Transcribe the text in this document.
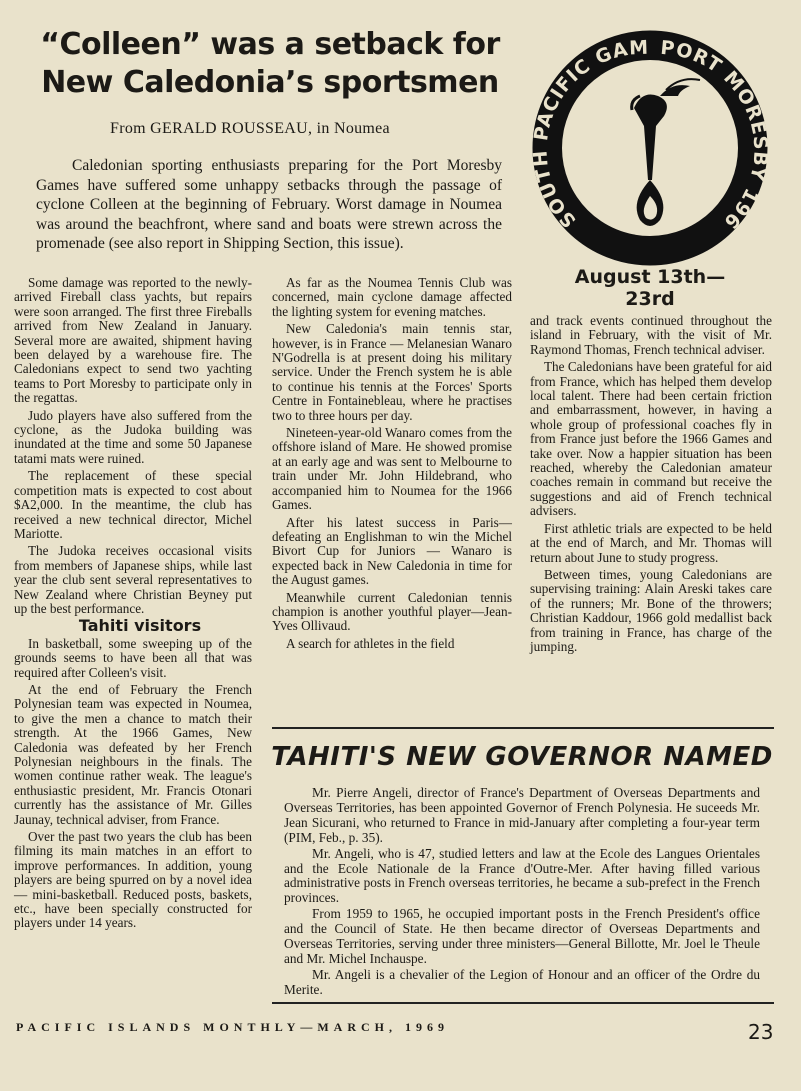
“Colleen” was a setback for
New Caledonia’s sportsmen
From GERALD ROUSSEAU, in Noumea

Caledonian sporting enthusiasts preparing for the Port Moresby Games have suffered some unhappy setbacks through the passage of cyclone Colleen at the beginning of February. Worst damage in Noumea was around the beachfront, where sand and boats were strewn across the promenade (see also report in Shipping Section, this issue).

SOUT PACIFIC GAM PORT MORE Y 196
August 13th—23rd

Some damage was reported to the newly-arrived Fireball class yachts, but repairs were soon arranged. The first three Fireballs arrived from New Zealand in January. Several more are awaited, shipment having been delayed by a warehouse fire. The Caledonians expect to send two yachting teams to Port Moresby to participate only in the regattas.

Judo players have also suffered from the cyclone, as the Judoka building was inundated at the time and some 50 Japanese tatami mats were ruined.

The replacement of these special competition mats is expected to cost about $A2,000. In the meantime, the club has received a new technical director, Michel Mariotte.

The Judoka receives occasional visits from members of Japanese ships, while last year the club sent several representatives to New Zealand where Christian Beyney put up the best performance.

Tahiti visitors

In basketball, some sweeping up of the grounds seems to have been all that was required after Colleen's visit.

At the end of February the French Polynesian team was expected in Noumea, to give the men a chance to match their strength. At the 1966 Games, New Caledonia was defeated by her French Polynesian neighbours in the finals. The women continue rather weak. The league's enthusiastic president, Mr. Francis Otonari currently has the assistance of Mr. Gilles Jaunay, technical adviser, from France.

Over the past two years the club has been filming its main matches in an effort to improve performances. In addition, young players are being spurred on by a novel idea — mini-basketball. Reduced posts, baskets, etc., have been specially constructed for players under 14 years.

As far as the Noumea Tennis Club was concerned, main cyclone damage affected the lighting system for evening matches.

New Caledonia's main tennis star, however, is in France — Melanesian Wanaro N'Godrella is at present doing his military service. Under the French system he is able to continue his tennis at the Forces' Sports Centre in Fontainebleau, where he practises two to three hours per day.

Nineteen-year-old Wanaro comes from the offshore island of Mare. He showed promise at an early age and was sent to Melbourne to train under Mr. John Hildebrand, who accompanied him to Noumea for the 1966 Games.

After his latest success in Paris— defeating an Englishman to win the Michel Bivort Cup for Juniors — Wanaro is expected back in New Caledonia in time for the August games.

Meanwhile current Caledonian tennis champion is another youthful player—Jean-Yves Ollivaud.

A search for athletes in the field

and track events continued throughout the island in February, with the visit of Mr. Raymond Thomas, French technical adviser.

The Caledonians have been grateful for aid from France, which has helped them develop local talent. There had been certain friction and embarrassment, however, in having a whole group of professional coaches fly in from France just before the 1966 Games and take over. Now a happier situation has been reached, whereby the Caledonian amateur coaches remain in command but receive the suggestions and aid of French technical advisers.

First athletic trials are expected to be held at the end of March, and Mr. Thomas will return about June to study progress.

Between times, young Caledonians are supervising training: Alain Areski takes care of the runners; Mr. Bone of the throwers; Christian Kaddour, 1966 gold medallist back from training in France, has charge of the jumping.

TAHITI'S NEW GOVERNOR NAMED

Mr. Pierre Angeli, director of France's Department of Overseas Departments and Overseas Territories, has been appointed Governor of French Polynesia. He suceeds Mr. Jean Sicurani, who returned to France in mid-January after completing a four-year term (PIM, Feb., p. 35).

Mr. Angeli, who is 47, studied letters and law at the Ecole des Langues Orientales and the Ecole Nationale de la France d'Outre-Mer. After having filled various administrative posts in French overseas territories, he became a sub-prefect in the French provinces.

From 1959 to 1965, he occupied important posts in the French President's office and the Council of State. He then became director of Overseas Departments and Overseas Territories, serving under three ministers—General Billotte, Mr. Joel le Theule and Mr. Michel Inchauspe.

Mr. Angeli is a chevalier of the Legion of Honour and an officer of the Ordre du Merite.

PACIFIC ISLANDS MONTHLY—MARCH, 1969	23
